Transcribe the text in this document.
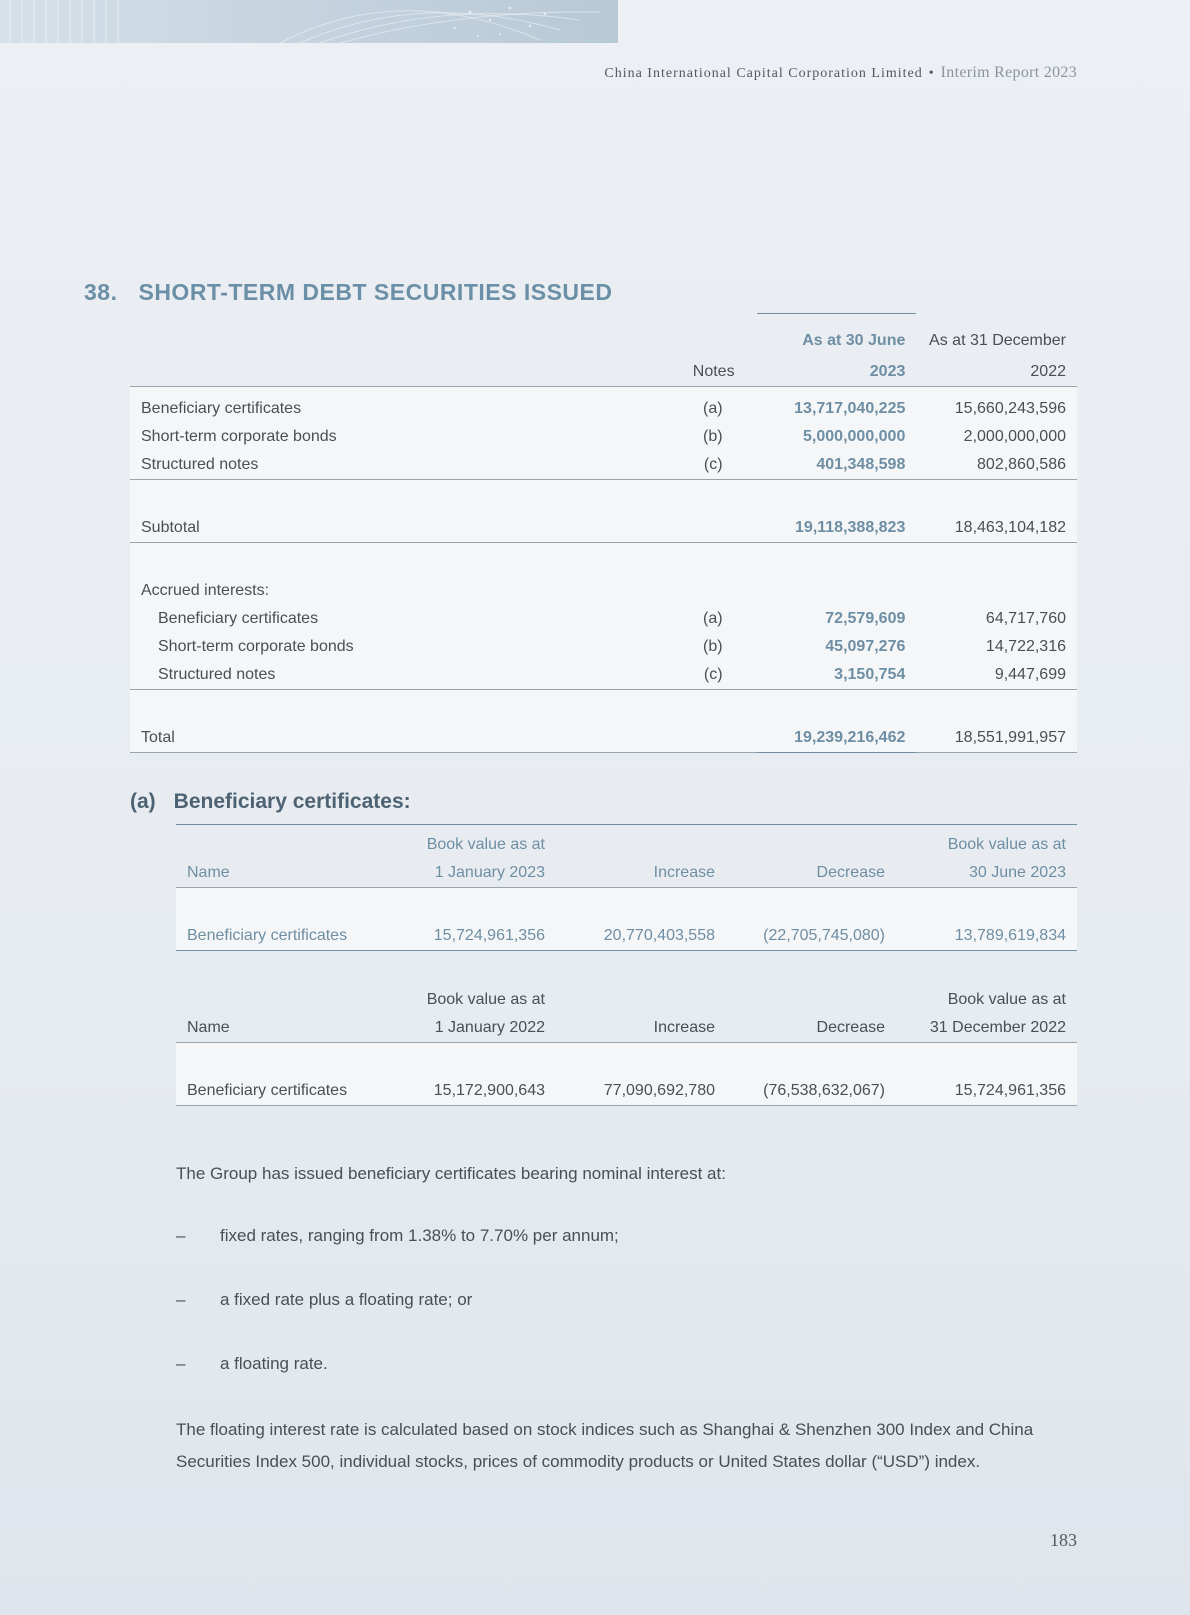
China International Capital Corporation Limited • Interim Report 2023
38. SHORT-TERM DEBT SECURITIES ISSUED
		As at 30 June	As at 31 December
	Notes	2023	2022

Beneficiary certificates	(a)	13,717,040,225	15,660,243,596
Short-term corporate bonds	(b)	5,000,000,000	2,000,000,000
Structured notes	(c)	401,348,598	802,860,586

Subtotal		19,118,388,823	18,463,104,182

Accrued interests:			
Beneficiary certificates	(a)	72,579,609	64,717,760
Short-term corporate bonds	(b)	45,097,276	14,722,316
Structured notes	(c)	3,150,754	9,447,699

Total		19,239,216,462	18,551,991,957
(a) Beneficiary certificates:
	Book value as at			Book value as at
Name	1 January 2023	Increase	Decrease	30 June 2023

Beneficiary certificates	15,724,961,356	20,770,403,558	(22,705,745,080)	13,789,619,834
	Book value as at			Book value as at
Name	1 January 2022	Increase	Decrease	31 December 2022

Beneficiary certificates	15,172,900,643	77,090,692,780	(76,538,632,067)	15,724,961,356
The Group has issued beneficiary certificates bearing nominal interest at:
– fixed rates, ranging from 1.38% to 7.70% per annum;
– a fixed rate plus a floating rate; or
– a floating rate.
The floating interest rate is calculated based on stock indices such as Shanghai & Shenzhen 300 Index and China Securities Index 500, individual stocks, prices of commodity products or United States dollar (“USD”) index.
183
